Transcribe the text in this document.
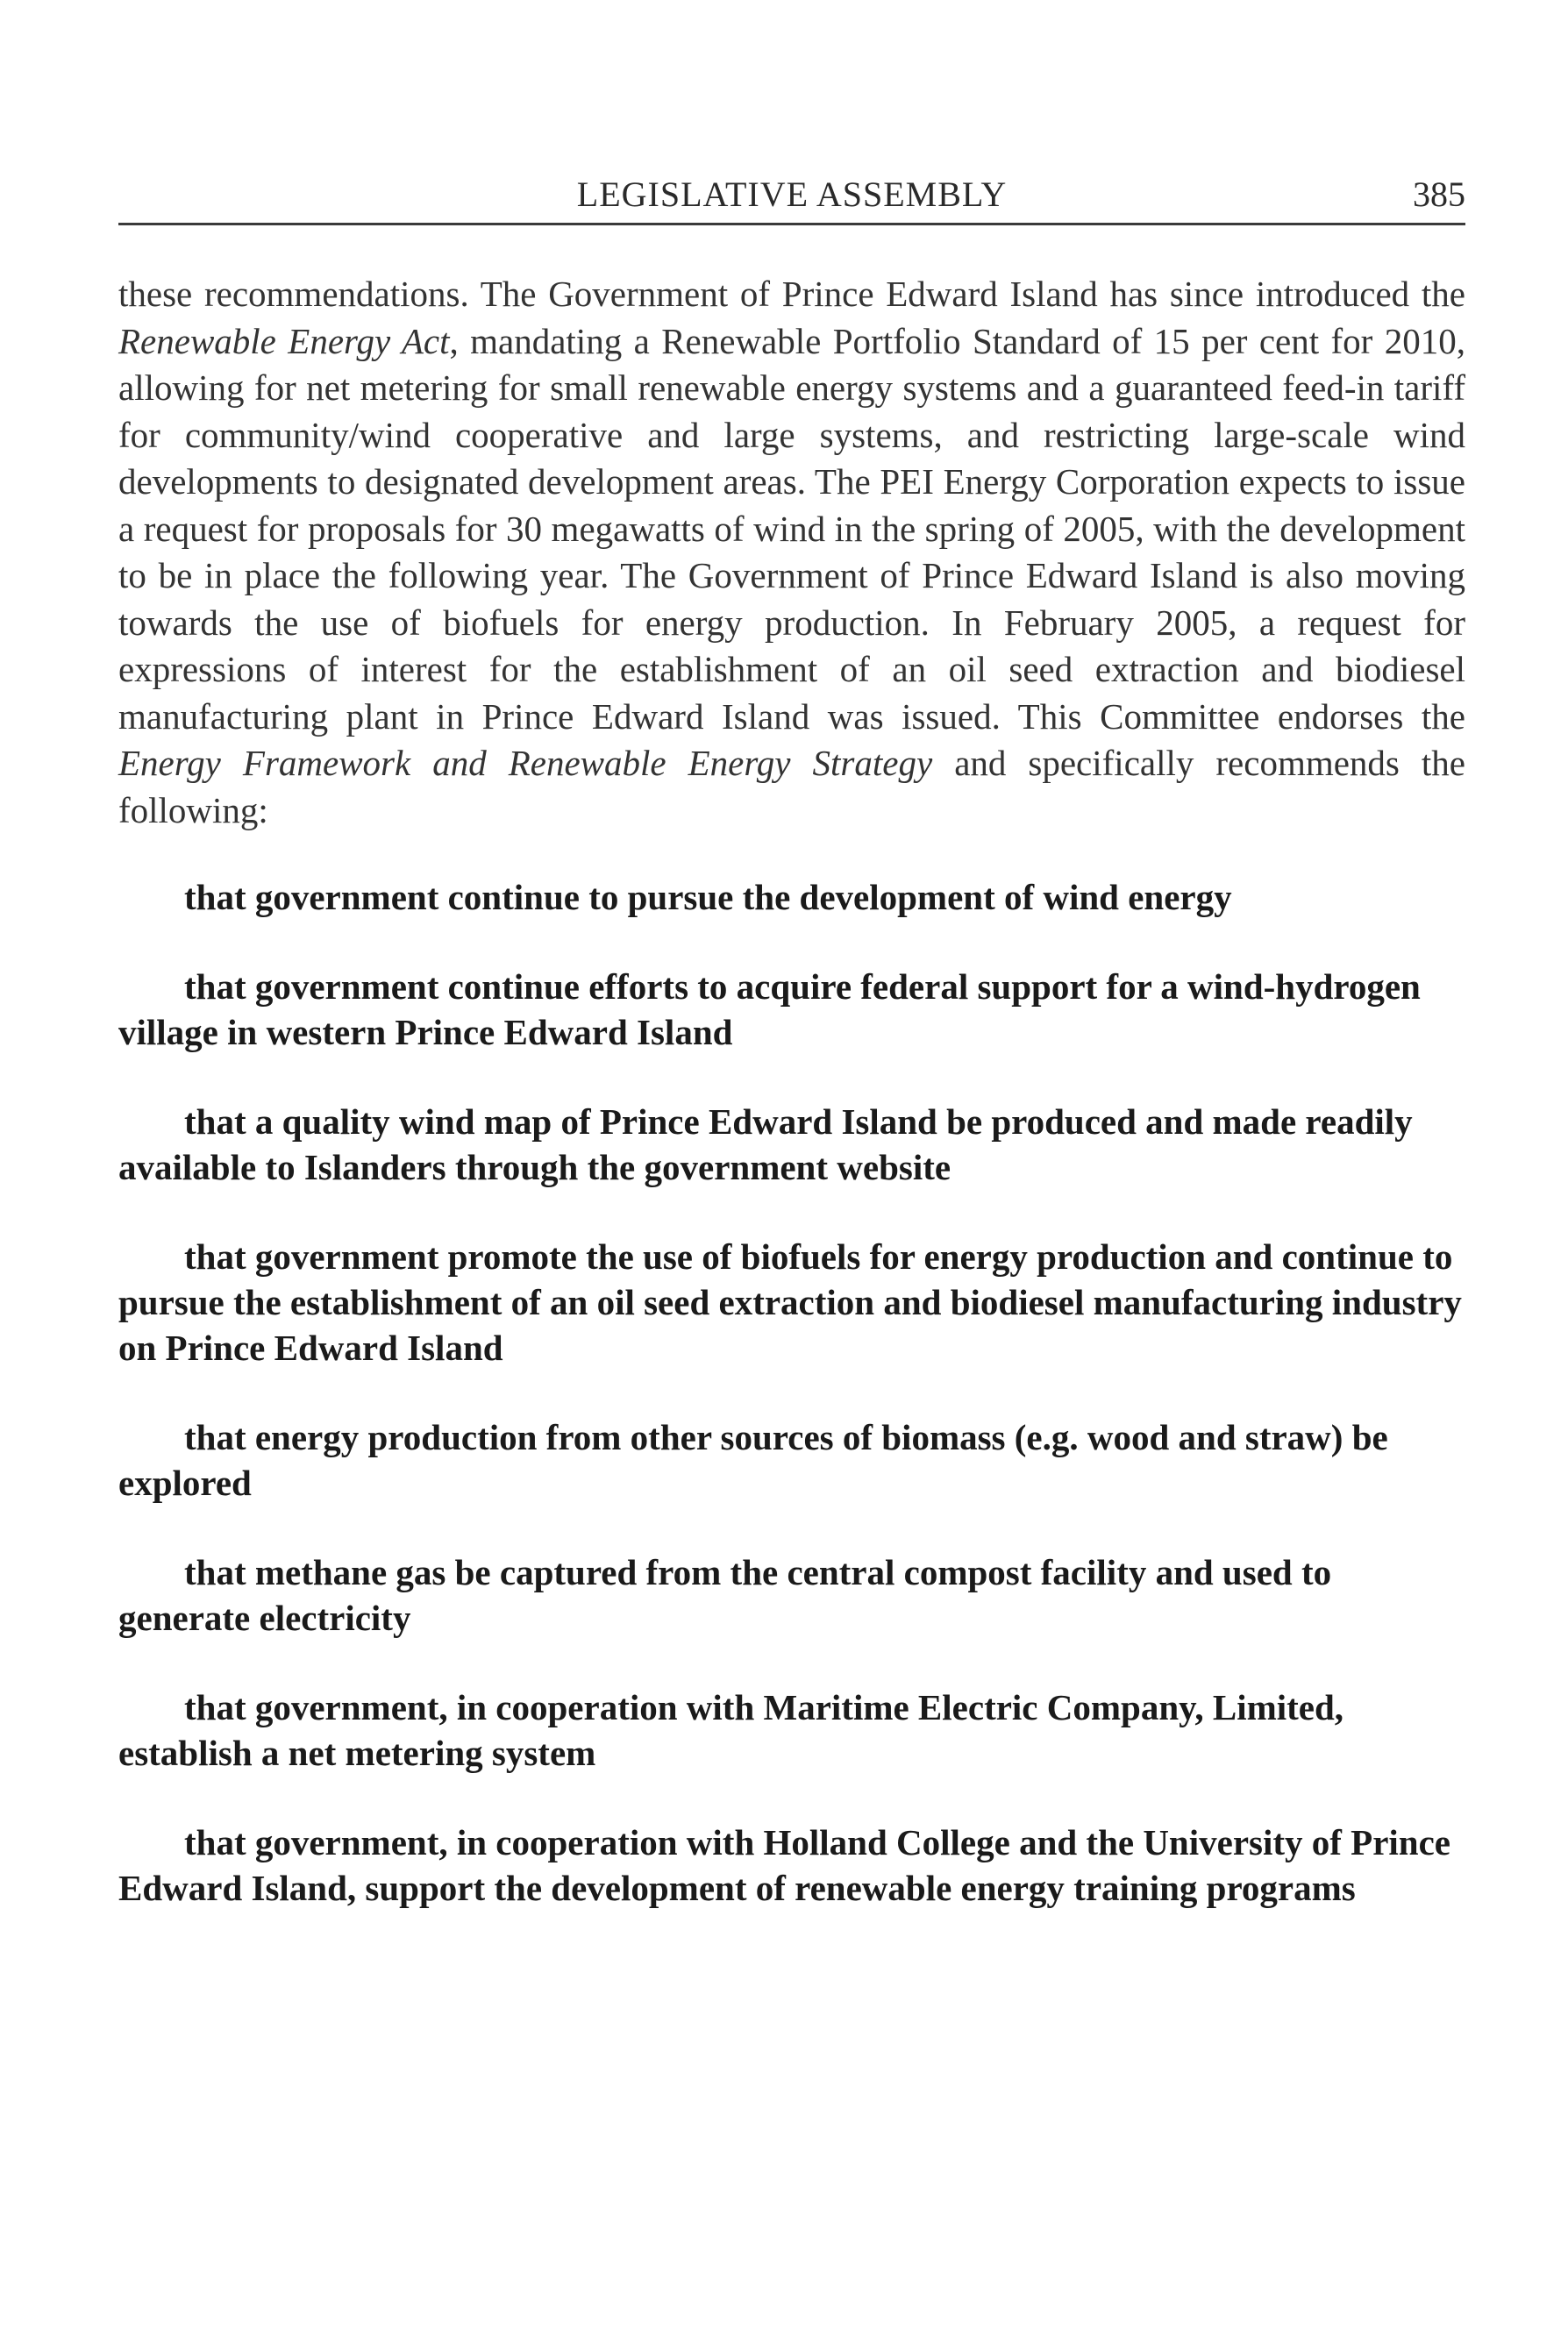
LEGISLATIVE ASSEMBLY	385

these recommendations. The Government of Prince Edward Island has since introduced the Renewable Energy Act, mandating a Renewable Portfolio Standard of 15 per cent for 2010, allowing for net metering for small renewable energy systems and a guaranteed feed-in tariff for community/wind cooperative and large systems, and restricting large-scale wind developments to designated development areas. The PEI Energy Corporation expects to issue a request for proposals for 30 megawatts of wind in the spring of 2005, with the development to be in place the following year. The Government of Prince Edward Island is also moving towards the use of biofuels for energy production. In February 2005, a request for expressions of interest for the establishment of an oil seed extraction and biodiesel manufacturing plant in Prince Edward Island was issued. This Committee endorses the Energy Framework and Renewable Energy Strategy and specifically recommends the following:

that government continue to pursue the development of wind energy

that government continue efforts to acquire federal support for a wind-hydrogen village in western Prince Edward Island

that a quality wind map of Prince Edward Island be produced and made readily available to Islanders through the government website

that government promote the use of biofuels for energy production and continue to pursue the establishment of an oil seed extraction and biodiesel manufacturing industry on Prince Edward Island

that energy production from other sources of biomass (e.g. wood and straw) be explored

that methane gas be captured from the central compost facility and used to generate electricity

that government, in cooperation with Maritime Electric Company, Limited, establish a net metering system

that government, in cooperation with Holland College and the University of Prince Edward Island, support the development of renewable energy training programs
